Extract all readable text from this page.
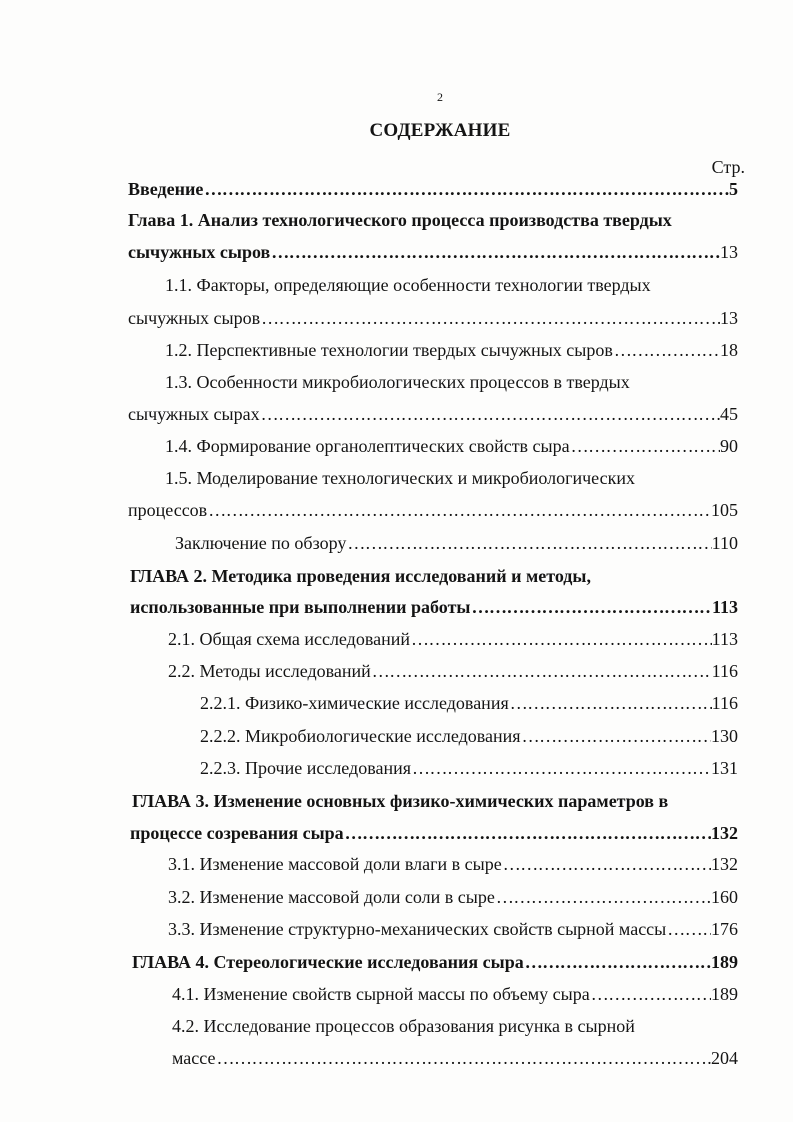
2
СОДЕРЖАНИЕ
Стр.
Введение ……………………………………………………………………………………………………………………………………………………	5
Глава 1. Анализ технологического процесса производства твердых
сычужных сыров ……………………………………………………………………………………………………………………………………………………	13
1.1. Факторы, определяющие особенности технологии твердых
сычужных сыров ……………………………………………………………………………………………………………………………………………………	13
1.2. Перспективные технологии твердых сычужных сыров ……………………………………………………………………………………………………………………………………………………	18
1.3. Особенности микробиологических процессов в твердых
сычужных сырах ……………………………………………………………………………………………………………………………………………………	45
1.4. Формирование органолептических свойств сыра ……………………………………………………………………………………………………………………………………………………	90
1.5. Моделирование технологических и микробиологических
процессов ……………………………………………………………………………………………………………………………………………………	105
Заключение по обзору ……………………………………………………………………………………………………………………………………………………	110
ГЛАВА 2. Методика проведения исследований и методы,
использованные при выполнении работы ……………………………………………………………………………………………………………………………………………………	113
2.1. Общая схема исследований ……………………………………………………………………………………………………………………………………………………	113
2.2. Методы исследований ……………………………………………………………………………………………………………………………………………………	116
2.2.1. Физико-химические исследования ……………………………………………………………………………………………………………………………………………………	116
2.2.2. Микробиологические исследования ……………………………………………………………………………………………………………………………………………………	130
2.2.3. Прочие исследования ……………………………………………………………………………………………………………………………………………………	131
ГЛАВА 3. Изменение основных физико-химических параметров в
процессе созревания сыра ……………………………………………………………………………………………………………………………………………………	132
3.1. Изменение массовой доли влаги в сыре ……………………………………………………………………………………………………………………………………………………	132
3.2. Изменение массовой доли соли в сыре ……………………………………………………………………………………………………………………………………………………	160
3.3. Изменение структурно-механических свойств сырной массы …………………………………………………………………………………………………………………………………………………… 176
ГЛАВА 4. Стереологические исследования сыра ……………………………………………………………………………………………………………………………………………………	189
4.1. Изменение свойств сырной массы по объему сыра ……………………………………………………………………………………………………………………………………………………	189
4.2. Исследование процессов образования рисунка в сырной
массе ……………………………………………………………………………………………………………………………………………………	204
